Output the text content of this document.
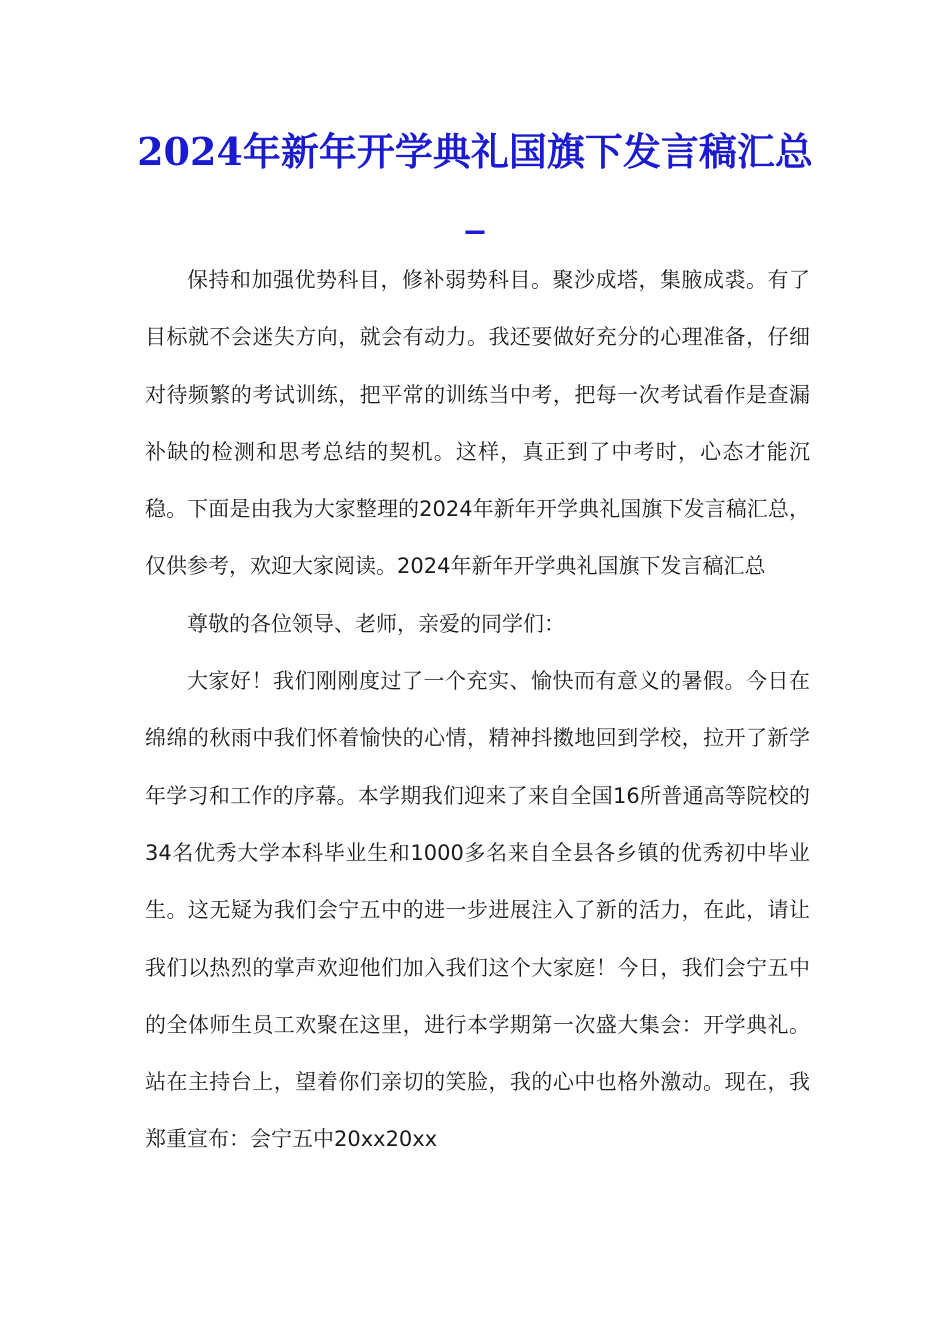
2024年新年开学典礼国旗下发言稿汇总_

保持和加强优势科目，修补弱势科目。聚沙成塔，集腋成裘。有了目标就不会迷失方向，就会有动力。我还要做好充分的心理准备，仔细对待频繁的考试训练，把平常的训练当中考，把每一次考试看作是查漏补缺的检测和思考总结的契机。这样，真正到了中考时，心态才能沉稳。下面是由我为大家整理的2024年新年开学典礼国旗下发言稿汇总，仅供参考，欢迎大家阅读。2024年新年开学典礼国旗下发言稿汇总

尊敬的各位领导、老师，亲爱的同学们：

大家好！我们刚刚度过了一个充实、愉快而有意义的暑假。今日在绵绵的秋雨中我们怀着愉快的心情，精神抖擞地回到学校，拉开了新学年学习和工作的序幕。本学期我们迎来了来自全国16所普通高等院校的34名优秀大学本科毕业生和1000多名来自全县各乡镇的优秀初中毕业生。这无疑为我们会宁五中的进一步进展注入了新的活力，在此，请让我们以热烈的掌声欢迎他们加入我们这个大家庭！今日，我们会宁五中的全体师生员工欢聚在这里，进行本学期第一次盛大集会：开学典礼。站在主持台上，望着你们亲切的笑脸，我的心中也格外激动。现在，我郑重宣布：会宁五中20xx20xx
